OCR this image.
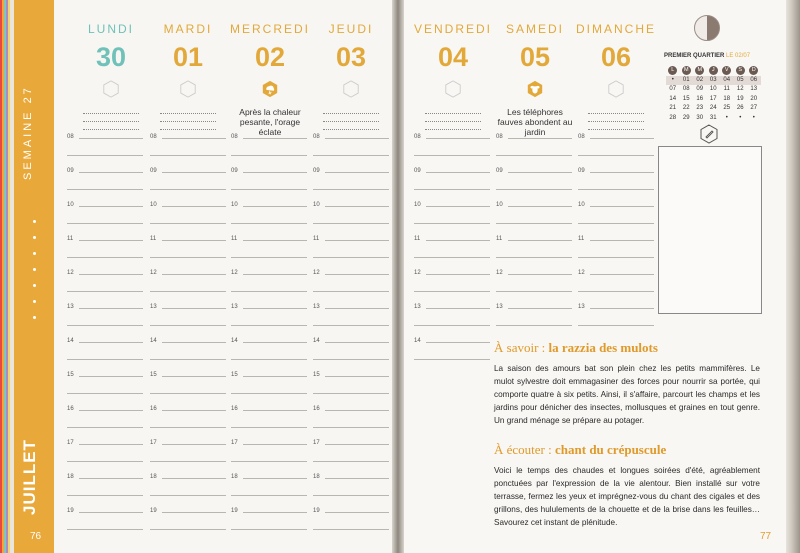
SEMAINE 27
JUILLET
76	77
LUNDI
30
MARDI
01
MERCREDI
02
Après la chaleur pesante, l'orage éclate
JEUDI
03
VENDREDI
04
SAMEDI
05
Les téléphores fauves abondent au jardin
DIMANCHE
06
08
09
10
11
12
13
14
15
16
17
18
19
08
09
10
11
12
13
14
15
16
17
18
19
08
09
10
11
12
13
14
15
16
17
18
19
08
09
10
11
12
13
14
15
16
17
18
19
08
09
10
11
12
13
14
08
09
10
11
12
13
08
09
10
11
12
13
PREMIER QUARTIER LE 02/07
L	M	M	J	V	S	D
•	01	02	03	04	05	06
07	08	09	10	11	12	13
14	15	16	17	18	19	20
21	22	23	24	25	26	27
28	29	30	31	•	•	•
À savoir : la razzia des mulots

La saison des amours bat son plein chez les petits mammifères. Le mulot sylvestre doit emmagasiner des forces pour nourrir sa portée, qui comporte quatre à six petits. Ainsi, il s'affaire, parcourt les champs et les jardins pour dénicher des insectes, mollusques et graines en tout genre. Un grand ménage se prépare au potager.

À écouter : chant du crépuscule

Voici le temps des chaudes et longues soirées d'été, agréablement ponctuées par l'expression de la vie alentour. Bien installé sur votre terrasse, fermez les yeux et imprégnez-vous du chant des cigales et des grillons, des hululements de la chouette et de la brise dans les feuilles… Savourez cet instant de plénitude.
